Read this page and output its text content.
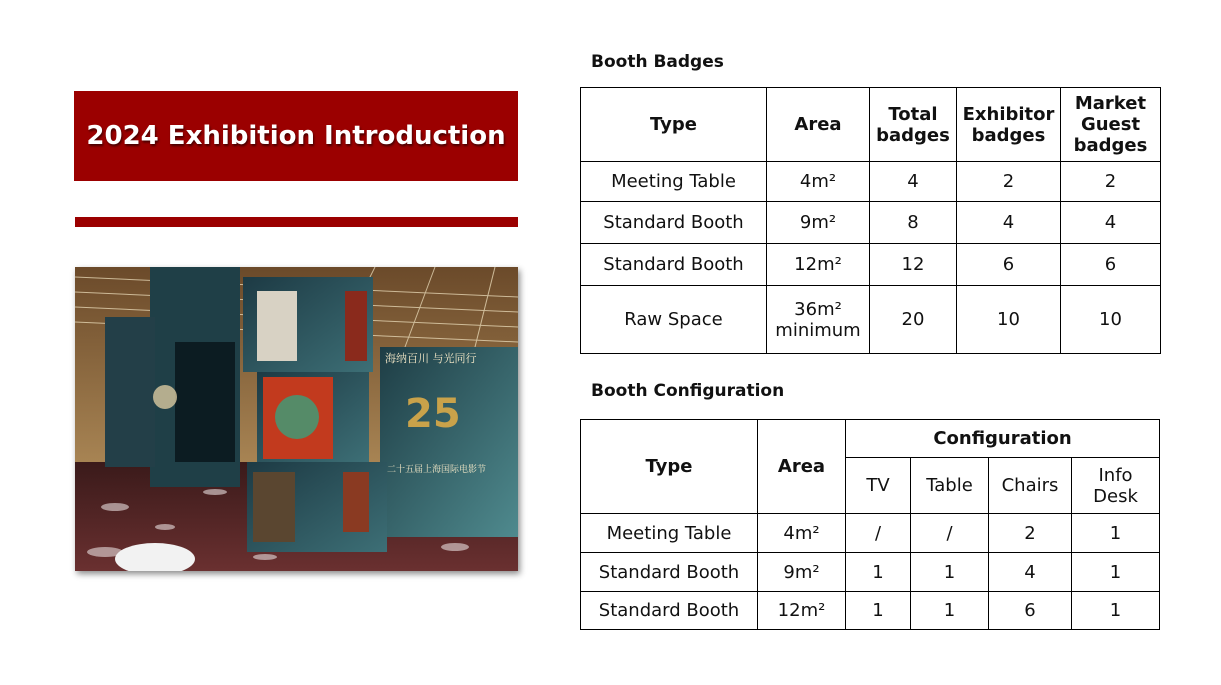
2024 Exhibition Introduction
海纳百川 与光同行
25
二十五届上海国际电影节
Booth Badges
Type	Area	Total badges	Exhibitor badges	Market Guest badges
Meeting Table	4m²	4	2	2
Standard Booth	9m²	8	4	4
Standard Booth	12m²	12	6	6
Raw Space	36m² minimum	20	10	10
Booth Configuration
Type	Area	Configuration			
		TV	Table	Chairs	Info Desk
Meeting Table	4m²	/	/	2	1
Standard Booth	9m²	1	1	4	1
Standard Booth	12m²	1	1	6	1
